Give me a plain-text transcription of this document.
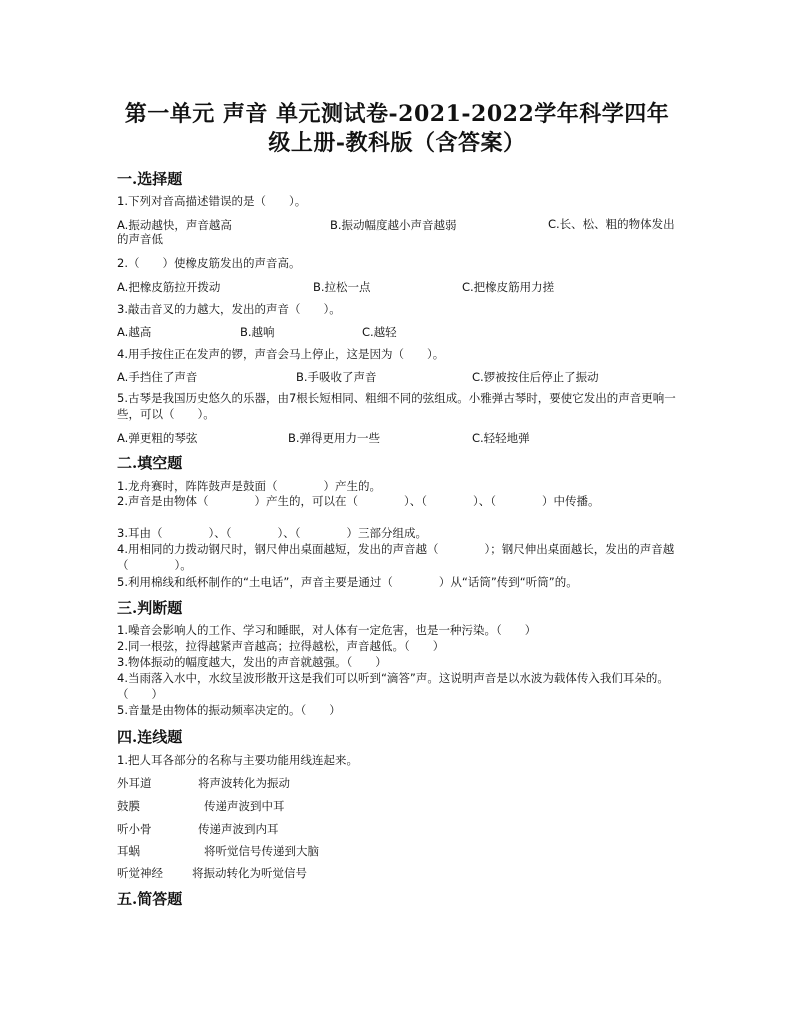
第一单元 声音 单元测试卷-2021-2022学年科学四年
级上册-教科版（含答案）
一.选择题
1.下列对音高描述错误的是（　　）。
A.振动越快，声音越高	B.振动幅度越小声音越弱	C.长、松、粗的物体发出的声音低
2.（　　）使橡皮筋发出的声音高。
A.把橡皮筋拉开拨动	B.拉松一点	C.把橡皮筋用力搓
3.敲击音叉的力越大，发出的声音（　　）。
A.越高	B.越响	C.越轻
4.用手按住正在发声的锣，声音会马上停止，这是因为（　　）。
A.手挡住了声音	B.手吸收了声音	C.锣被按住后停止了振动
5.古琴是我国历史悠久的乐器，由7根长短相同、粗细不同的弦组成。小雅弹古琴时，要使它发出的声音更响一些，可以（　　）。
A.弹更粗的琴弦	B.弹得更用力一些	C.轻轻地弹
二.填空题
1.龙舟赛时，阵阵鼓声是鼓面（　　　　）产生的。
2.声音是由物体（　　　　）产生的，可以在（　　　　）、（　　　　）、（　　　　）中传播。
3.耳由（　　　　）、（　　　　）、（　　　　）三部分组成。
4.用相同的力拨动钢尺时，钢尺伸出桌面越短，发出的声音越（　　　　）；钢尺伸出桌面越长，发出的声音越（　　　　）。
5.利用棉线和纸杯制作的“土电话”，声音主要是通过（　　　　）从“话筒”传到“听筒”的。
三.判断题
1.噪音会影响人的工作、学习和睡眠，对人体有一定危害，也是一种污染。（　　）
2.同一根弦，拉得越紧声音越高；拉得越松，声音越低。（　　）
3.物体振动的幅度越大，发出的声音就越强。（　　）
4.当雨落入水中，水纹呈波形散开这是我们可以听到“滴答”声。这说明声音是以水波为载体传入我们耳朵的。（　　）
5.音量是由物体的振动频率决定的。（　　）
四.连线题
1.把人耳各部分的名称与主要功能用线连起来。
外耳道	将声波转化为振动
鼓膜	传递声波到中耳
听小骨	传递声波到内耳
耳蜗	将听觉信号传递到大脑
听觉神经	将振动转化为听觉信号
五.简答题
